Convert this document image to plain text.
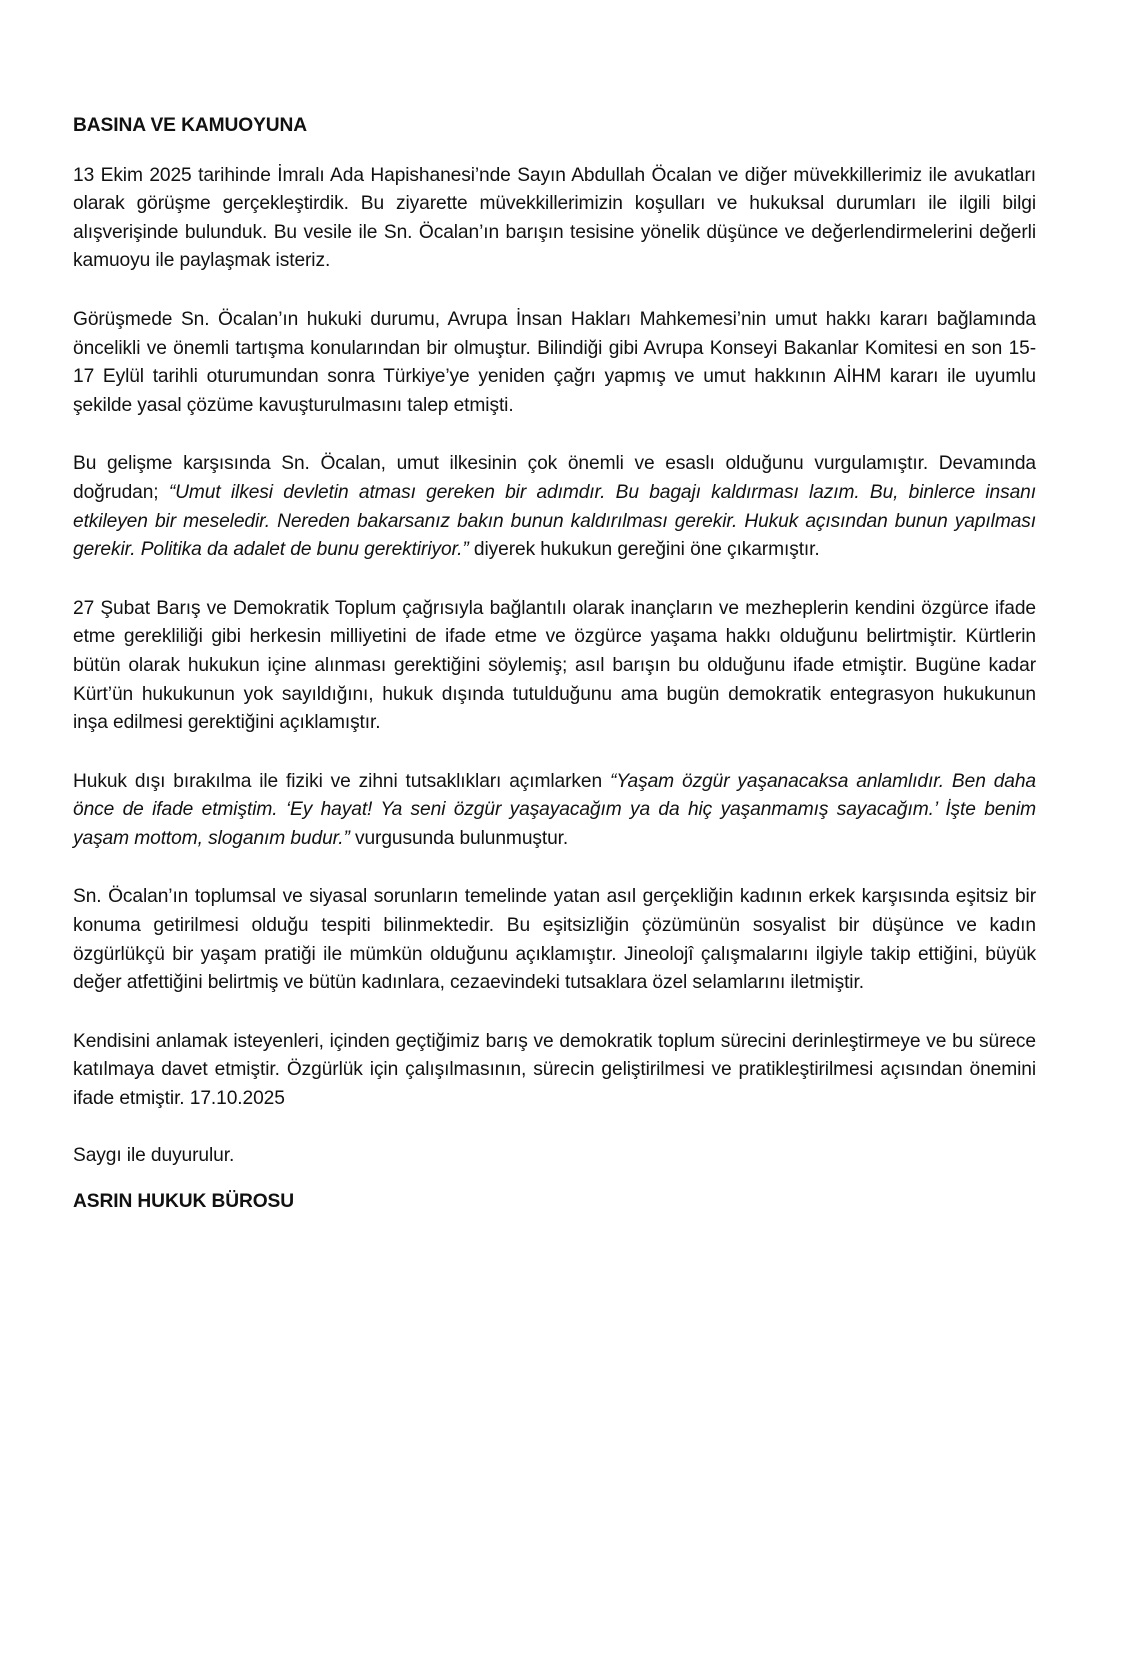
BASINA VE KAMUOYUNA

13 Ekim 2025 tarihinde İmralı Ada Hapishanesi’nde Sayın Abdullah Öcalan ve diğer müvekkillerimiz ile avukatları olarak görüşme gerçekleştirdik. Bu ziyarette müvekkillerimizin koşulları ve hukuksal durumları ile ilgili bilgi alışverişinde bulunduk. Bu vesile ile Sn. Öcalan’ın barışın tesisine yönelik düşünce ve değerlendirmelerini değerli kamuoyu ile paylaşmak isteriz.

Görüşmede Sn. Öcalan’ın hukuki durumu, Avrupa İnsan Hakları Mahkemesi’nin umut hakkı kararı bağlamında öncelikli ve önemli tartışma konularından bir olmuştur. Bilindiği gibi Avrupa Konseyi Bakanlar Komitesi en son 15-17 Eylül tarihli oturumundan sonra Türkiye’ye yeniden çağrı yapmış ve umut hakkının AİHM kararı ile uyumlu şekilde yasal çözüme kavuşturulmasını talep etmişti.

Bu gelişme karşısında Sn. Öcalan, umut ilkesinin çok önemli ve esaslı olduğunu vurgulamıştır. Devamında doğrudan; “Umut ilkesi devletin atması gereken bir adımdır. Bu bagajı kaldırması lazım. Bu, binlerce insanı etkileyen bir meseledir. Nereden bakarsanız bakın bunun kaldırılması gerekir. Hukuk açısından bunun yapılması gerekir. Politika da adalet de bunu gerektiriyor.” diyerek hukukun gereğini öne çıkarmıştır.

27 Şubat Barış ve Demokratik Toplum çağrısıyla bağlantılı olarak inançların ve mezheplerin kendini özgürce ifade etme gerekliliği gibi herkesin milliyetini de ifade etme ve özgürce yaşama hakkı olduğunu belirtmiştir. Kürtlerin bütün olarak hukukun içine alınması gerektiğini söylemiş; asıl barışın bu olduğunu ifade etmiştir. Bugüne kadar Kürt’ün hukukunun yok sayıldığını, hukuk dışında tutulduğunu ama bugün demokratik entegrasyon hukukunun inşa edilmesi gerektiğini açıklamıştır.

Hukuk dışı bırakılma ile fiziki ve zihni tutsaklıkları açımlarken “Yaşam özgür yaşanacaksa anlamlıdır. Ben daha önce de ifade etmiştim. ‘Ey hayat! Ya seni özgür yaşayacağım ya da hiç yaşanmamış sayacağım.’ İşte benim yaşam mottom, sloganım budur.” vurgusunda bulunmuştur.

Sn. Öcalan’ın toplumsal ve siyasal sorunların temelinde yatan asıl gerçekliğin kadının erkek karşısında eşitsiz bir konuma getirilmesi olduğu tespiti bilinmektedir. Bu eşitsizliğin çözümünün sosyalist bir düşünce ve kadın özgürlükçü bir yaşam pratiği ile mümkün olduğunu açıklamıştır. Jineolojî çalışmalarını ilgiyle takip ettiğini, büyük değer atfettiğini belirtmiş ve bütün kadınlara, cezaevindeki tutsaklara özel selamlarını iletmiştir.

Kendisini anlamak isteyenleri, içinden geçtiğimiz barış ve demokratik toplum sürecini derinleştirmeye ve bu sürece katılmaya davet etmiştir. Özgürlük için çalışılmasının, sürecin geliştirilmesi ve pratikleştirilmesi açısından önemini ifade etmiştir. 17.10.2025

Saygı ile duyurulur.

ASRIN HUKUK BÜROSU
